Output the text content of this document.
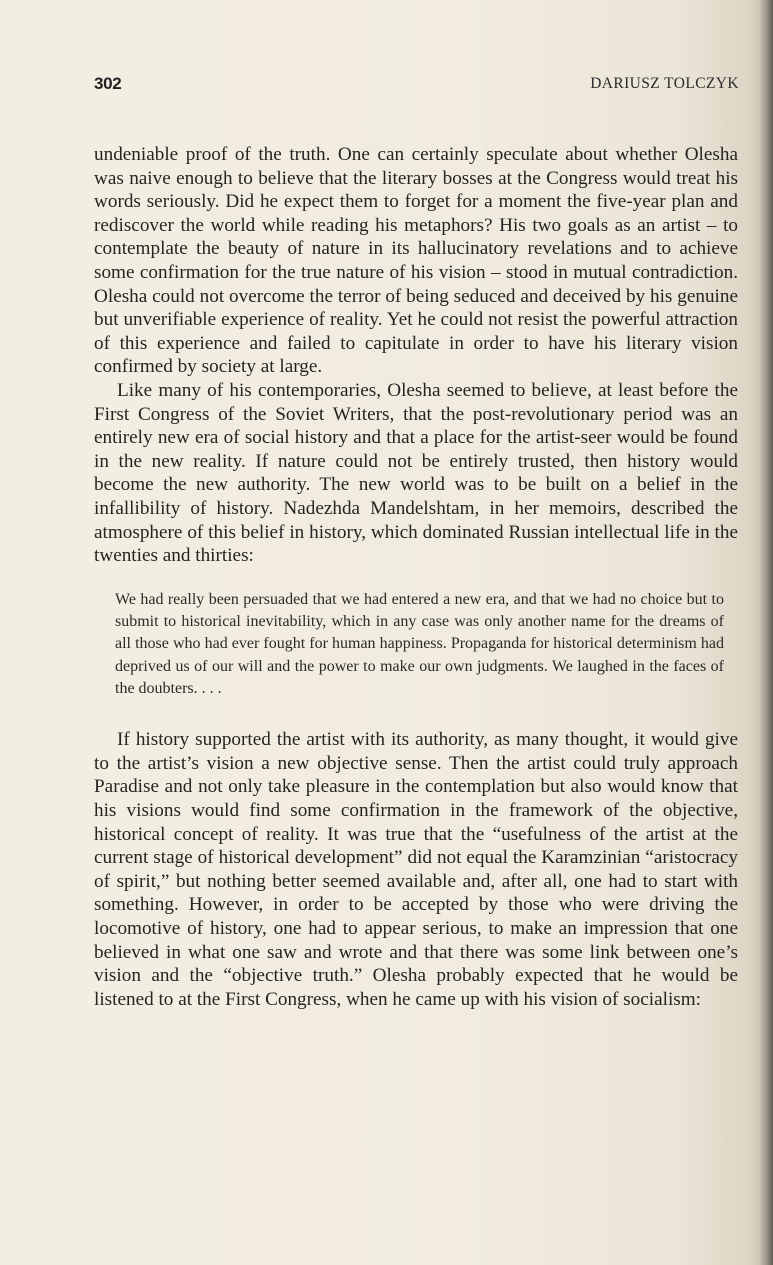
302	DARIUSZ TOLCZYK

undeniable proof of the truth. One can certainly speculate about whether Olesha was naive enough to believe that the literary bosses at the Congress would treat his words seriously. Did he expect them to forget for a moment the five-year plan and rediscover the world while reading his metaphors? His two goals as an artist – to contemplate the beauty of nature in its hallucinatory revelations and to achieve some confirmation for the true nature of his vision – stood in mutual contradiction. Olesha could not overcome the terror of being seduced and deceived by his genuine but unverifiable experience of reality. Yet he could not resist the powerful attraction of this experience and failed to capitulate in order to have his literary vision confirmed by society at large.

Like many of his contemporaries, Olesha seemed to believe, at least before the First Congress of the Soviet Writers, that the post-revolutionary period was an entirely new era of social history and that a place for the artist-seer would be found in the new reality. If nature could not be entirely trusted, then history would become the new authority. The new world was to be built on a belief in the infallibility of history. Nadezhda Mandelshtam, in her memoirs, described the atmosphere of this belief in history, which dominated Russian intellectual life in the twenties and thirties:

We had really been persuaded that we had entered a new era, and that we had no choice but to submit to historical inevitability, which in any case was only another name for the dreams of all those who had ever fought for human happiness. Propaganda for historical determinism had deprived us of our will and the power to make our own judgments. We laughed in the faces of the doubters. . . .

If history supported the artist with its authority, as many thought, it would give to the artist’s vision a new objective sense. Then the artist could truly approach Paradise and not only take pleasure in the contemplation but also would know that his visions would find some confirmation in the framework of the objective, historical concept of reality. It was true that the “usefulness of the artist at the current stage of historical development” did not equal the Karamzinian “aristocracy of spirit,” but nothing better seemed available and, after all, one had to start with something. However, in order to be accepted by those who were driving the locomotive of history, one had to appear serious, to make an impression that one believed in what one saw and wrote and that there was some link between one’s vision and the “objective truth.” Olesha probably expected that he would be listened to at the First Congress, when he came up with his vision of socialism:
